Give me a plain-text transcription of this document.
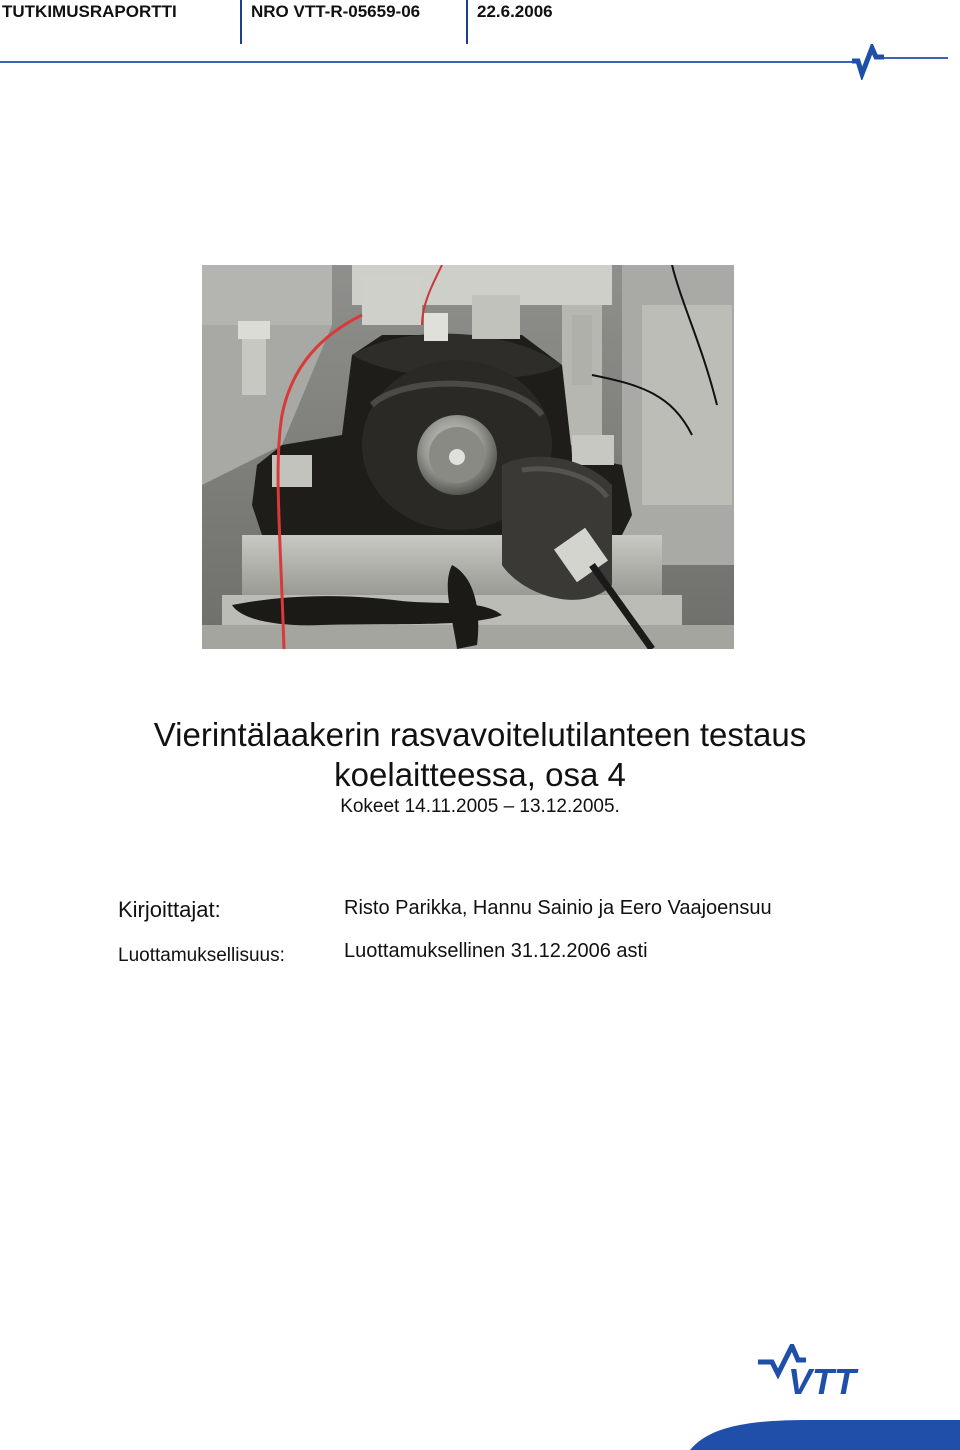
TUTKIMUSRAPORTTI	NRO VTT-R-05659-06	22.6.2006
Vierintälaakerin rasvavoitelutilanteen testaus
koelaitteessa, osa 4
Kokeet 14.11.2005 – 13.12.2005.
Kirjoittajat:	Risto Parikka, Hannu Sainio ja Eero Vaajoensuu
Luottamuksellisuus:	Luottamuksellinen 31.12.2006 asti
VTT
